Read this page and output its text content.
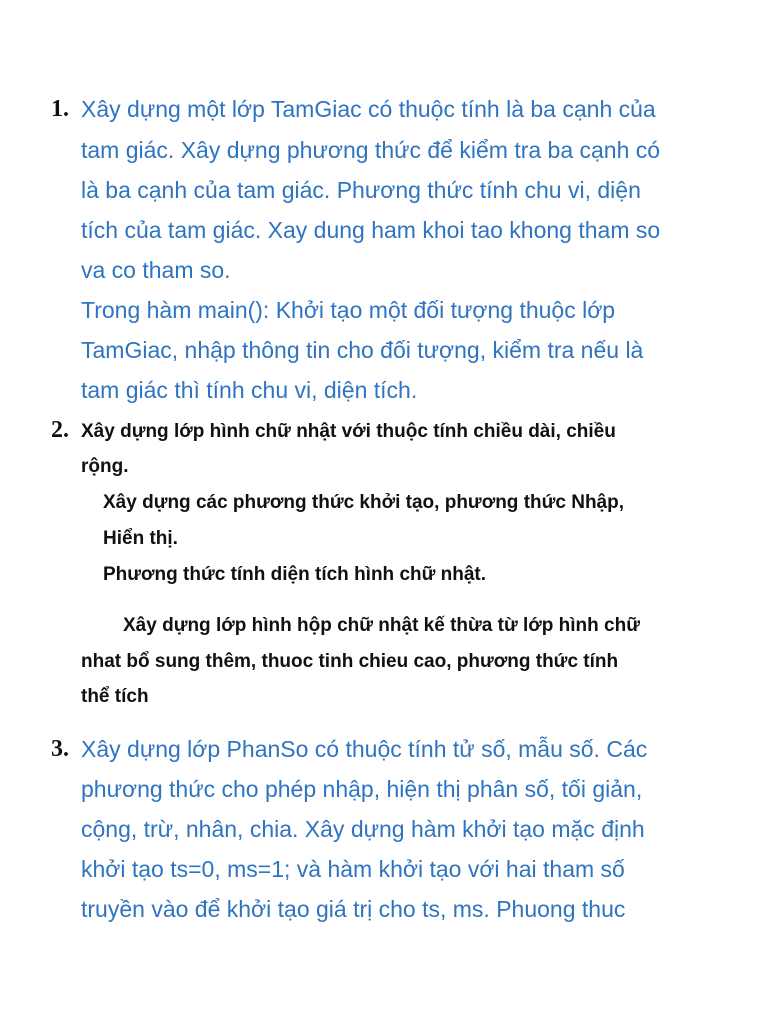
1. Xây dựng một lớp TamGiac có thuộc tính là ba cạnh của
tam giác. Xây dựng phương thức để kiểm tra ba cạnh có
là ba cạnh của tam giác. Phương thức tính chu vi, diện
tích của tam giác. Xay dung ham khoi tao khong tham so
va co tham so.
Trong hàm main(): Khởi tạo một đối tượng thuộc lớp
TamGiac, nhập thông tin cho đối tượng, kiểm tra nếu là
tam giác thì tính chu vi, diện tích.
2. Xây dựng lớp hình chữ nhật với thuộc tính chiều dài, chiều
rộng.
Xây dựng các phương thức khởi tạo, phương thức Nhập,
Hiển thị.
Phương thức tính diện tích hình chữ nhật.
Xây dựng lớp hình hộp chữ nhật kế thừa từ lớp hình chữ
nhat bổ sung thêm, thuoc tinh chieu cao, phương thức tính
thể tích
3. Xây dựng lớp PhanSo có thuộc tính tử số, mẫu số. Các
phương thức cho phép nhập, hiện thị phân số, tối giản,
cộng, trừ, nhân, chia. Xây dựng hàm khởi tạo mặc định
khởi tạo ts=0, ms=1; và hàm khởi tạo với hai tham số
truyền vào để khởi tạo giá trị cho ts, ms. Phuong thuc
